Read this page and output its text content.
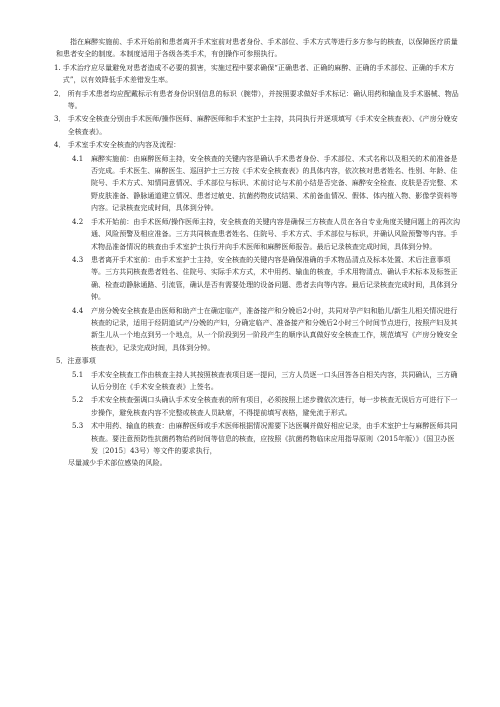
指在麻醉实施前、手术开始前和患者离开手术室前对患者身份、手术部位、手术方式等进行多方参与的核查，以保障医疗质量和患者安全的制度。本制度适用于各级各类手术，有创操作可参照执行。

1. 手术治疗应尽量避免对患者造成不必要的损害，实施过程中要求确保“正确患者、正确的麻醉、正确的手术部位、正确的手术方式”，以有效降低手术差错发生率。
2． 所有手术患者均应配戴标示有患者身份识别信息的标识（腕带），并按照要求做好手术标记：确认用药和输血及手术器械、物品等。
3． 手术安全核查分别由手术医师/操作医师、麻醉医师和手术室护士主持，共同执行并逐项填写《手术安全核查表》、《产房分娩安全核查表》。
4． 手术室手术安全核查的内容及流程：
4.1	麻醉实施前：由麻醉医师主持，安全核查的关键内容是确认手术患者身份、手术部位、术式名称以及相关的术前准备是否完成。手术医生、麻醉医生、巡回护士三方按《手术安全核查表》的具体内容，依次核对患者姓名、性别、年龄、住院号、手术方式、知情同意情况、手术部位与标识、术前讨论与术前小结是否完备、麻醉安全检查、皮肤是否完整、术野皮肤准备、静脉通道建立情况、患者过敏史、抗菌药物皮试结果、术前备血情况、假体、体内植入物、影像学资料等内容。记录核查完成时间，具体到分钟。
4.2	手术开始前：由手术医师/操作医师主持，安全核查的关键内容是确保三方核查人员在各自专业角度关键问题上的再次沟通、风险预警及相应准备。三方共同核查患者姓名、住院号、手术方式、手术部位与标识，并确认风险预警等内容。手术物品准备情况的核查由手术室护士执行并向手术医师和麻醉医师报告。最后记录核查完成时间，具体到分钟。
4.3	患者离开手术室前：由手术室护士主持，安全核查的关键内容是确保准确的手术物品清点及标本处置、术后注意事项等。三方共同核查患者姓名、住院号、实际手术方式，术中用药、输血的核查，手术用物清点、确认手术标本及标签正确、检查动静脉通路、引流管，确认是否有需要处理的设备问题、患者去向等内容。最后记录核查完成时间，具体到分钟。
4.4	产房分娩安全核查是由医师和助产士在确定临产，准备接产和分娩后2小时，共同对孕产妇和胎儿/新生儿相关情况进行核查的记录，适用于经阴道试产/分娩的产妇，分确定临产、准备接产和分娩后2小时三个时间节点进行，按照产妇及其新生儿从一个地点到另一个地点，从一个阶段到另一阶段产生的顺序认真做好安全核查工作，规范填写《产房分娩安全核查表》，记录完成时间，具体到分钟。

5．注意事项

5.1	手术安全核查工作由核查主持人其按照核查表项目逐一提问，三方人员逐一口头回答各自相关内容，共同确认，三方确认后分别在《手术安全核查表》上签名。
5.2	手术安全核查强调口头确认手术安全核查表的所有项目，必须按照上述步骤依次进行，每一步核查无误后方可进行下一步操作，避免核查内容不完整或核查人员缺席，不得提前填写表格，避免流于形式。
5.3	术中用药、输血的核查：由麻醉医师或手术医师根据情况需要下达医嘱并做好相应记录，由手术室护士与麻醉医师共同核查。要注意预防性抗菌药物给药时间等信息的核查，应按照《抗菌药物临床应用指导原则（2015年版）》（国卫办医发〔2015〕43号）等文件的要求执行，

尽量减少手术部位感染的风险。
